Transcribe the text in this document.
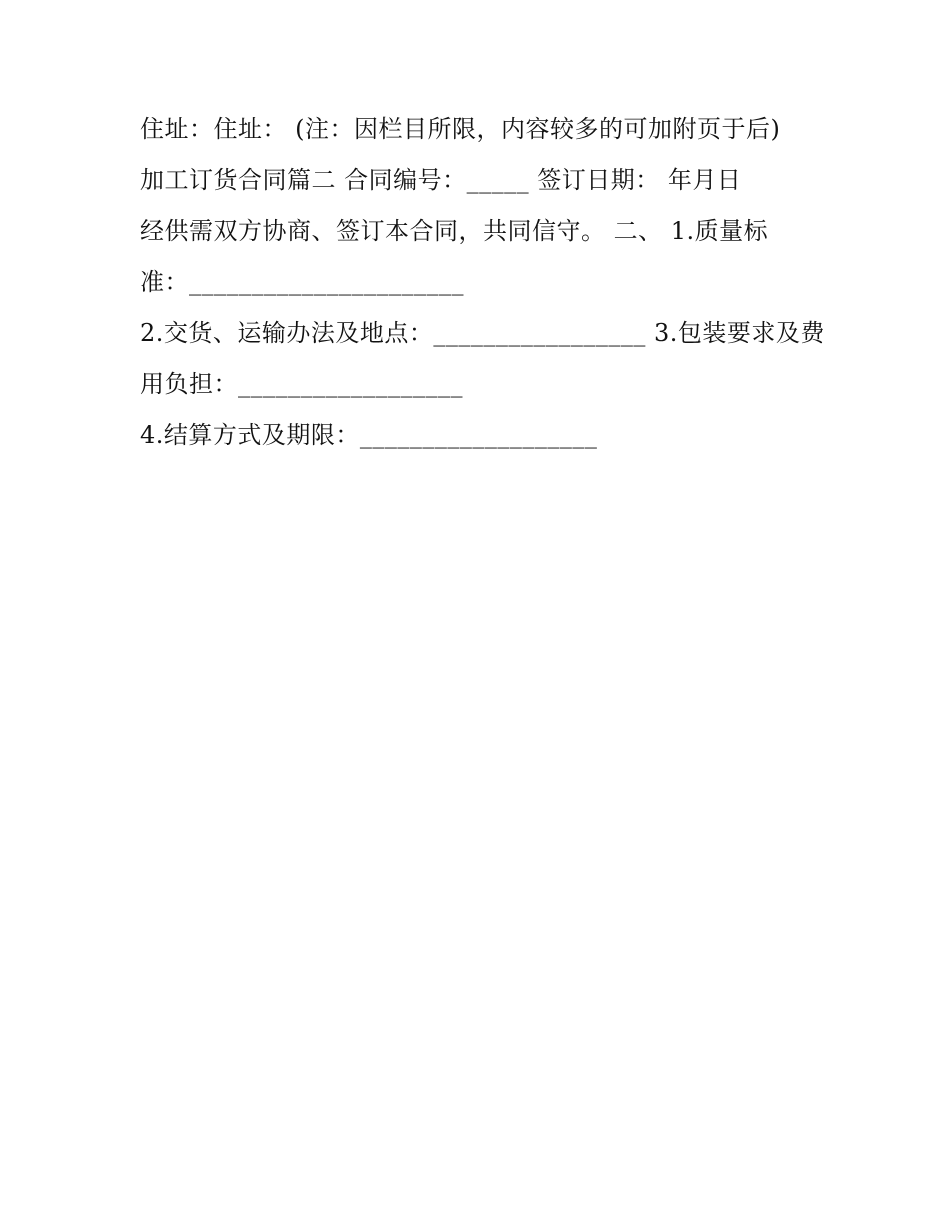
住址：住址： (注：因栏目所限，内容较多的可加附页于后)
加工订货合同篇二 合同编号：_____ 签订日期： 年月日
经供需双方协商、签订本合同，共同信守。 二、 1.质量标
准：______________________
2.交货、运输办法及地点：_________________ 3.包装要求及费
用负担：__________________
4.结算方式及期限：___________________
